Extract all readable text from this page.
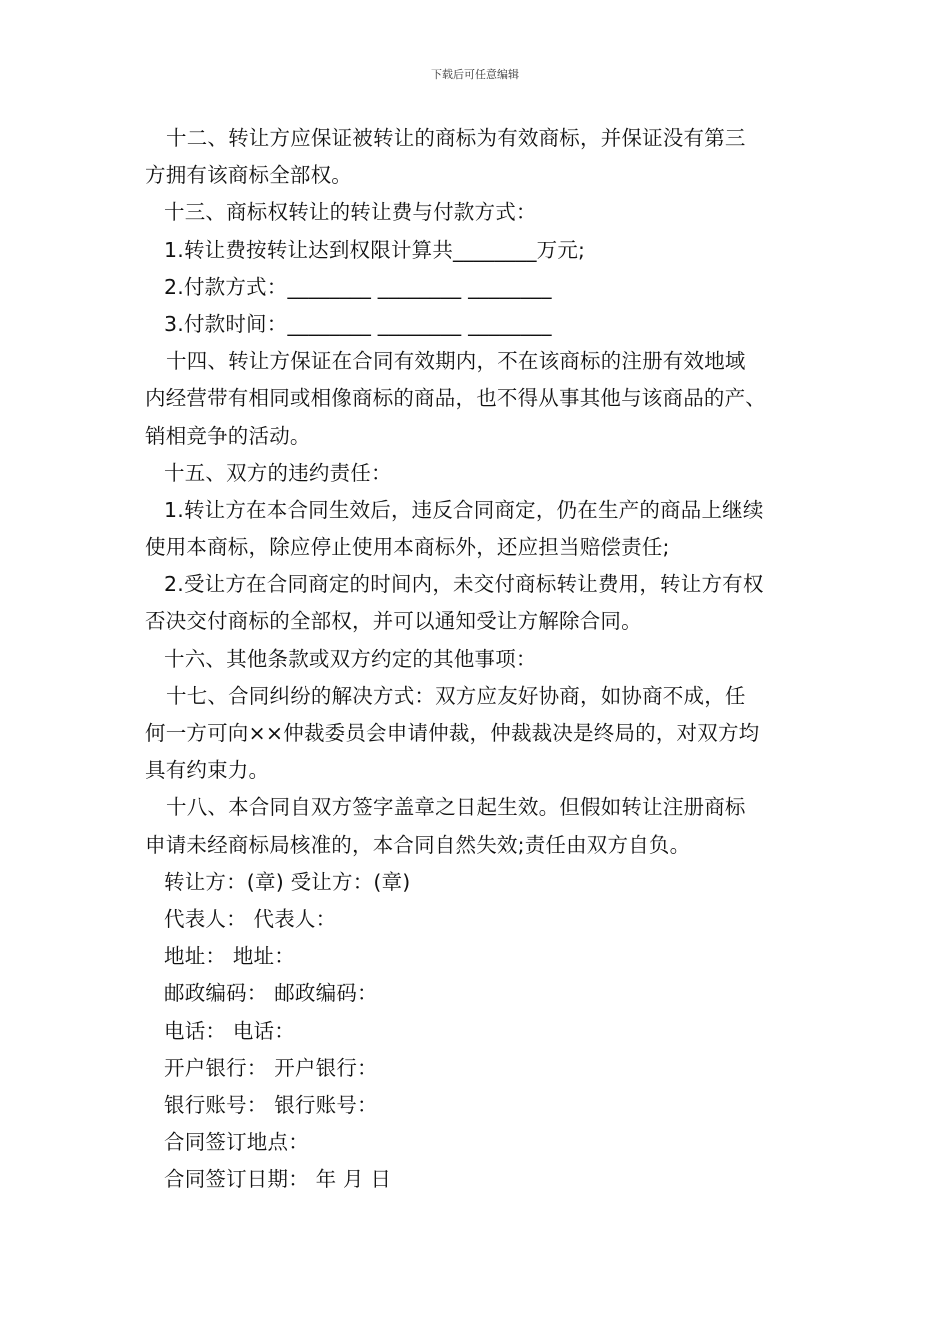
下载后可任意编辑
十二、转让方应保证被转让的商标为有效商标，并保证没有第三
方拥有该商标全部权。
十三、商标权转让的转让费与付款方式：
1.转让费按转让达到权限计算共________万元;
2.付款方式：________ ________ ________
3.付款时间：________ ________ ________
十四、转让方保证在合同有效期内，不在该商标的注册有效地域
内经营带有相同或相像商标的商品，也不得从事其他与该商品的产、
销相竞争的活动。
十五、双方的违约责任：
1.转让方在本合同生效后，违反合同商定，仍在生产的商品上继续
使用本商标，除应停止使用本商标外，还应担当赔偿责任;
2.受让方在合同商定的时间内，未交付商标转让费用，转让方有权
否决交付商标的全部权，并可以通知受让方解除合同。
十六、其他条款或双方约定的其他事项：
十七、合同纠纷的解决方式：双方应友好协商，如协商不成，任
何一方可向××仲裁委员会申请仲裁，仲裁裁决是终局的，对双方均
具有约束力。
十八、本合同自双方签字盖章之日起生效。但假如转让注册商标
申请未经商标局核准的，本合同自然失效;责任由双方自负。
转让方：(章) 受让方：(章)
代表人： 代表人：
地址： 地址：
邮政编码： 邮政编码：
电话： 电话：
开户银行： 开户银行：
银行账号： 银行账号：
合同签订地点：
合同签订日期： 年 月 日
